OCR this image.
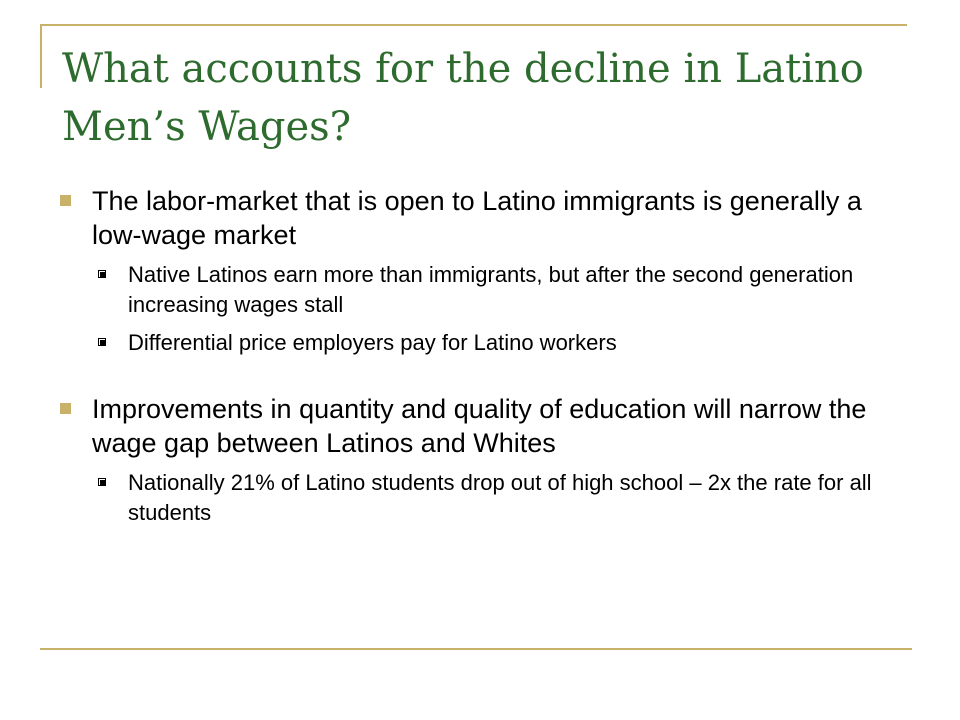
What accounts for the decline in Latino Men’s Wages?
The labor-market that is open to Latino immigrants is generally a low-wage market
Native Latinos earn more than immigrants, but after the second generation increasing wages stall
Differential price employers pay for Latino workers
Improvements in quantity and quality of education will narrow the wage gap between Latinos and Whites
Nationally 21% of Latino students drop out of high school – 2x the rate for all students
